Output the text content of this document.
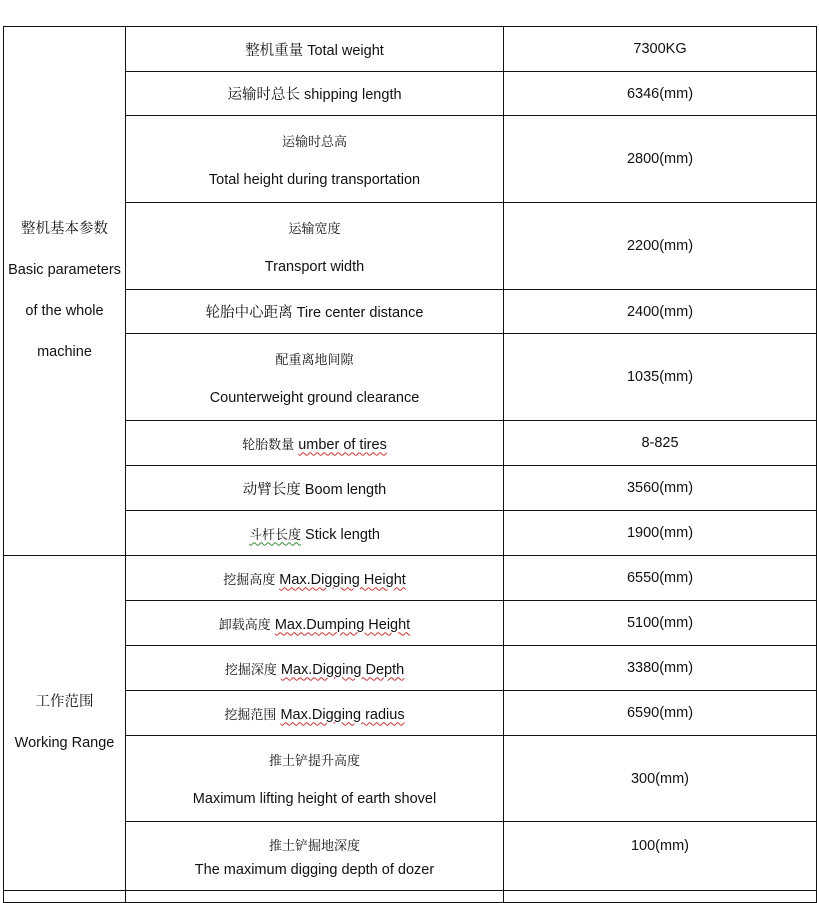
整机基本参数
Basic parameters
of the whole
machine	整机重量 Total weight	7300KG
	运输时总长 shipping length	6346(mm)

	运输时总高
Total height during transportation	2800(mm)

	运输宽度
Transport width	2200(mm)
	轮胎中心距离 Tire center distance	2400(mm)

	配重离地间隙
Counterweight ground clearance	1035(mm)
	轮胎数量 umber of tires	8-825
	动臂长度 Boom length	3560(mm)
	斗杆长度 Stick length	1900(mm)

工作范围
Working Range	挖掘高度 Max.Digging Height	6550(mm)
	卸载高度 Max.Dumping Height	5100(mm)
	挖掘深度 Max.Digging Depth	3380(mm)
	挖掘范围 Max.Digging radius	6590(mm)

	推土铲提升高度
Maximum lifting height of earth shovel	300(mm)

	推土铲掘地深度
The maximum digging depth of dozer	100(mm)
